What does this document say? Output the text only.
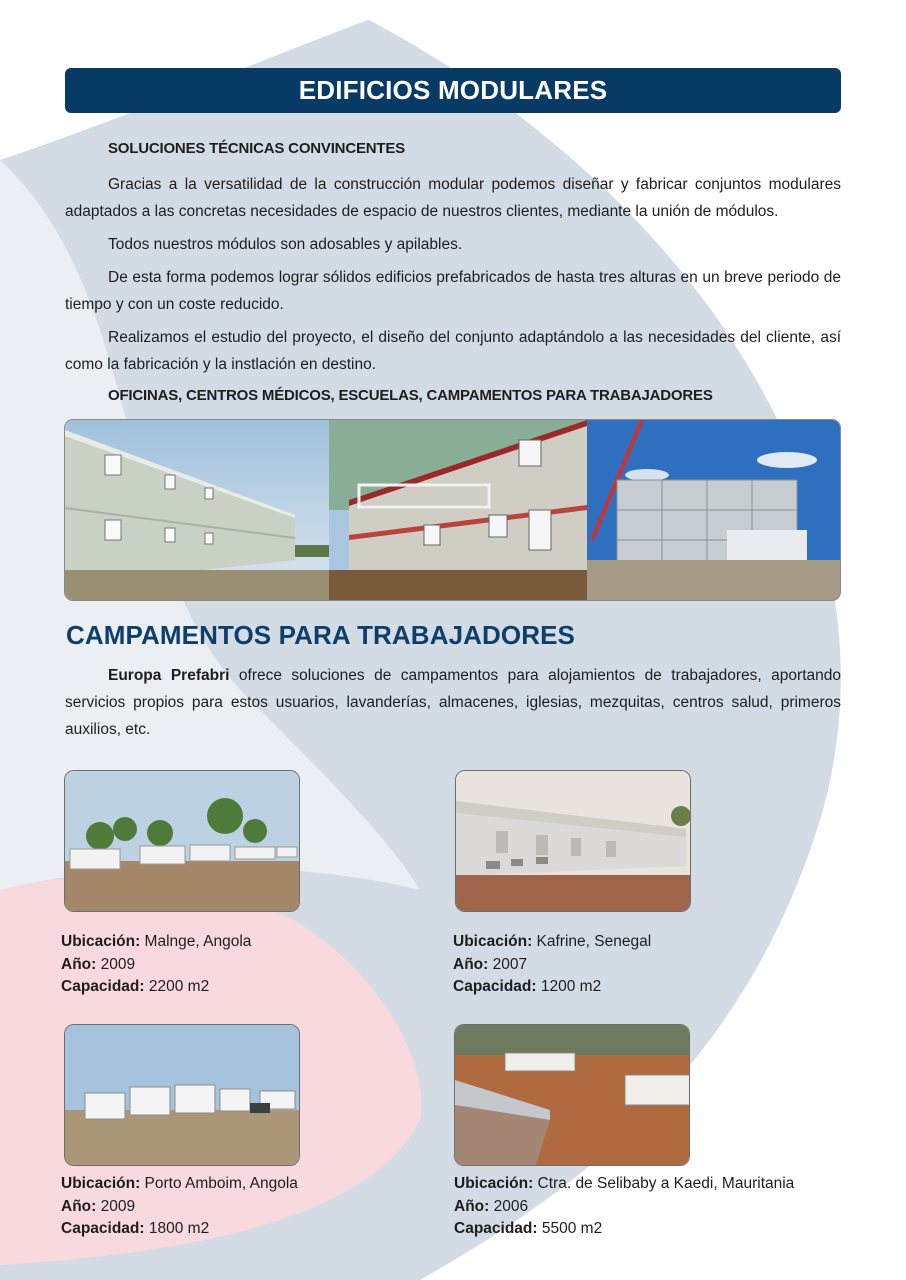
EDIFICIOS MODULARES
SOLUCIONES TÉCNICAS CONVINCENTES
Gracias a la versatilidad de la construcción modular podemos diseñar y fabricar conjuntos modulares adaptados a las concretas necesidades de espacio de nuestros clientes, mediante la unión de módulos.
Todos nuestros módulos son adosables y apilables.
De esta forma podemos lograr sólidos edificios prefabricados de hasta tres alturas en un breve periodo de tiempo y con un coste reducido.
Realizamos el estudio del proyecto, el diseño del conjunto adaptándolo a las necesidades del cliente, así como la fabricación y la instlación en destino.
OFICINAS, CENTROS MÉDICOS, ESCUELAS, CAMPAMENTOS PARA TRABAJADORES
CAMPAMENTOS PARA TRABAJADORES
Europa Prefabri ofrece soluciones de campamentos para alojamientos de trabajadores, aportando servicios propios para estos usuarios, lavanderías, almacenes, iglesias, mezquitas, centros salud, primeros auxilios, etc.
Ubicación: Malnge, Angola
Año: 2009
Capacidad: 2200 m2
Ubicación: Kafrine, Senegal
Año: 2007
Capacidad: 1200 m2
Ubicación: Porto Amboim, Angola
Año: 2009
Capacidad: 1800 m2
Ubicación: Ctra. de Selibaby a Kaedi, Mauritania
Año: 2006
Capacidad: 5500 m2
